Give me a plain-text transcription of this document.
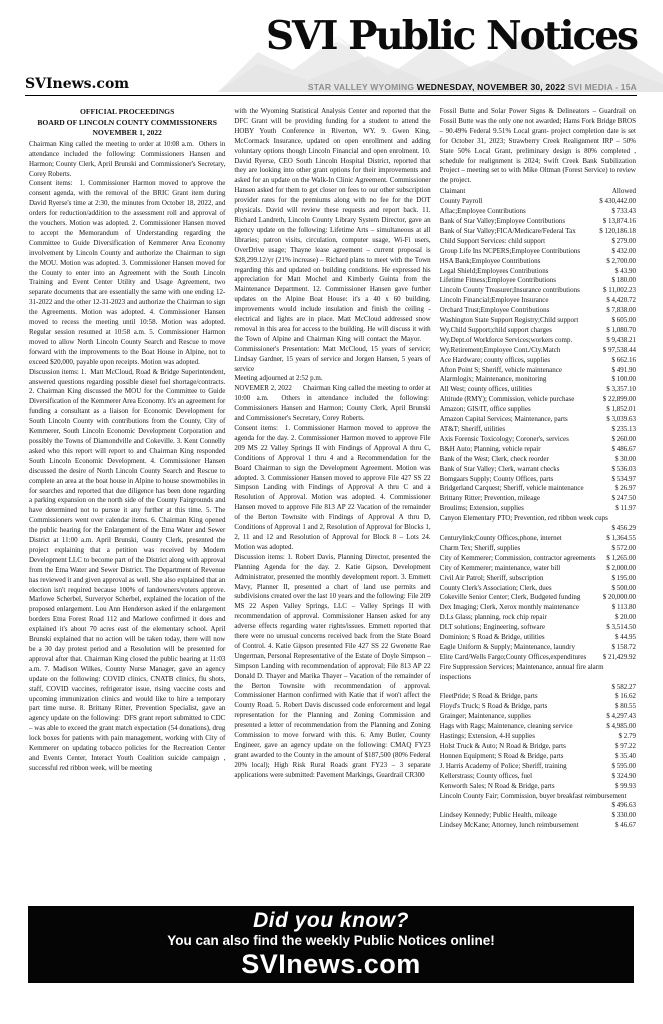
SVI Public Notices
SVInews.com	STAR VALLEY WYOMING WEDNESDAY, NOVEMBER 30, 2022 SVI MEDIA - 15A
OFFICIAL PROCEEDINGS
BOARD OF LINCOLN COUNTY COMMISSIONERS
NOVEMBER 1, 2022

Chairman King called the meeting to order at 10:08 a.m.  Others in attendance included the following: Commissioners Hansen and Harmon; County Clerk, April Brunski and Commissioner's Secretary, Corey Roberts.

Consent items:  1. Commissioner Harmon moved to approve the consent agenda, with the removal of the BRIC Grant item during David Ryerse's time at 2:30, the minutes from October 18, 2022, and orders for reduction/addition to the assessment roll and approval of the vouchers. Motion was adopted. 2. Commissioner Hansen moved to accept the Memorandum of Understanding regarding the Committee to Guide Diversification of Kemmerer Area Economy involvement by Lincoln County and authorize the Chairman to sign the MOU. Motion was adopted. 3. Commissioner Hansen moved for the County to enter into an Agreement with the South Lincoln Training and Event Center Utility and Usage Agreement, two separate documents that are essentially the same with one ending 12-31-2022 and the other 12-31-2023 and authorize the Chairman to sign the Agreements. Motion was adopted. 4. Commissioner Hansen moved to recess the meeting until 10:58. Motion was adopted. Regular session resumed at 10:58 a.m. 5. Commissioner Harmon moved to allow North Lincoln County Search and Rescue to move forward with the improvements to the Boat House in Alpine, not to exceed $20,000, payable upon receipts. Motion was adopted.

Discussion items: 1.  Matt McCloud, Road & Bridge Superintendent, answered questions regarding possible diesel fuel shortage/contracts. 2. Chairman King discussed the MOU for the Committee to Guide Diversification of the Kemmerer Area Economy. It's an agreement for funding a consultant as a liaison for Economic Development for South Lincoln County with contributions from the County, City of Kemmerer, South Lincoln Economic Development Corporation and possibly the Towns of Diamondville and Cokeville. 3. Kent Connelly asked who this report will report to and Chairman King responded South Lincoln Economic Development. 4. Commissioner Hansen discussed the desire of North Lincoln County Search and Rescue to complete an area at the boat house in Alpine to house snowmobiles in for searches and reported that due diligence has been done regarding a parking expansion on the north side of the County Fairgrounds and have determined not to pursue it any further at this time. 5. The Commissioners went over calendar items. 6. Chairman King opened the public hearing for the Enlargement of the Etna Water and Sewer District at 11:00 a.m. April Brunski, County Clerk, presented the project explaining that a petition was received by Modern Development LLC to become part of the District along with approval from the Etna Water and Sewer District. The Department of Revenue has reviewed it and given approval as well. She also explained that an election isn't required because 100% of landowners/voters approve. Marlowe Scherbel, Surveryor Scherbel, explained the location of the proposed enlargement. Lou Ann Henderson asked if the enlargement borders Etna Forest Road 112 and Marlowe confirmed it does and explained it's about 70 acres east of the elementary school. April Brunski explained that no action will be taken today, there will now be a 30 day protest period and a Resolution will be presented for approval after that. Chairman King closed the public hearing at 11:03 a.m. 7. Madison Wilkes, County Nurse Manager, gave an agency update on the following: COVID clinics, CNATB clinics, flu shots, staff, COVID vaccines, refrigerator issue, rising vaccine costs and upcoming immunization clinics and would like to hire a temporary part time nurse. 8. Brittany Ritter, Prevention Specialist, gave an agency update on the following:  DFS grant report submitted to CDC – was able to exceed the grant match expectation (54 donations), drug lock boxes for patients with pain management, working with City of Kemmerer on updating tobacco policies for the Recreation Center and Events Center, Interact Youth Coalition suicide campaign , successful red ribbon week, will be meeting

with the Wyoming Statistical Analysis Center and reported that the DFC Grant will be providing funding for a student to attend the HOBY Youth Conference in Riverton, WY. 9. Gwen King, McCormack Insurance, updated on open enrollment and adding voluntary options though Lincoln Financial and open enrolment. 10. David Ryerse, CEO South Lincoln Hospital District, reported that they are looking into other grant options for their improvements and asked for an update on the Walk-In Clinic Agreement. Commissioner Hansen asked for them to get closer on fees to our other subscription provider rates for the premiums along with no fee for the DOT physicals. David will review these requests and report back. 11. Richard Landreth, Lincoln County Library System Director, gave an agency update on the following: Lifetime Arts – simultaneous at all libraries; patron visits, circulation, computer usage, Wi-Fi users, OverDrive usage; Thayne lease agreement – current proposal is $28,299.12/yr (21% increase) – Richard plans to meet with the Town regarding this and updated on building conditions. He expressed his appreciation for Matt Mochel and Kimberly Guinta from the Maintenance Department. 12. Commissioner Hansen gave further updates on the Alpine Boat House: it's a 40 x 60 building, improvements would include insulation and finish the ceiling - electrical and lights are in place. Matt McCloud addressed snow removal in this area for access to the building. He will discuss it with the Town of Alpine and Chairman King will contact the Mayor.     Commissioner's Presentation: Matt McCloud, 15 years of service; Lindsay Gardner, 15 years of service and Jorgen Hansen, 5 years of service

Meeting adjourned at 2:52 p.m.

NOVEMER 2, 2022      Chairman King called the meeting to order at 10:00 a.m.  Others in attendance included the following:  Commissioners Hansen and Harmon; County Clerk, April Brunski and Commissioner's Secretary, Corey Roberts.

Consent items:  1. Commissioner Harmon moved to approve the agenda for the day. 2. Commissioner Harmon moved to approve File 209 MS 22 Valley Springs II with Findings of Approval A thru C, Conditions of Approval 1 thru 4 and a Recommendation for the Board Chairman to sign the Development Agreement. Motion was adopted. 3. Commissioner Hansen moved to approve File 427 SS 22 Simpson Landing with Findings of Approval A thru C and a Resolution of Approval. Motion was adopted. 4. Commissioner Hansen moved to approve File 813 AP 22 Vacation of the remainder of the Berton Townsite with Findings of Approval A thru D, Conditions of Approval 1 and 2, Resolution of Approval for Blocks 1, 2, 11 and 12 and Resolution of Approval for Block 8 – Lots 24. Motion was adopted.

Discussion items: 1. Robert Davis, Planning Director, presented the Planning Agenda for the day. 2. Katie Gipson, Development Administrator, presented the monthly development report. 3. Emmett Mavy, Planner II, presented a chart of land use permits and subdivisions created over the last 10 years and the following: File 209 MS 22 Aspen Valley Springs, LLC – Valley Springs II with recommendation of approval. Commissioner Hansen asked for any adverse effects regarding water rights/issues. Emmett reported that there were no unusual concerns received back from the State Board of Control. 4. Katie Gipson presented File 427 SS 22 Gwenette Rae Ungerman, Personal Representative of the Estate of Doyle Simpson – Simpson Landing with recommendation of approval; File 813 AP 22 Donald D. Thayer and Marika Thayer – Vacation of the remainder of the Berton Townsite with recommendation of approval. Commissioner Harmon confirmed with Katie that if won't affect the County Road. 5. Robert Davis discussed code enforcement and legal representation for the Planning and Zoning Commission and presented a letter of recommendation from the Planning and Zoning Commission to move forward with this. 6. Amy Butler, County Engineer, gave an agency update on the following: CMAQ FY23 grant awarded to the County in the amount of $187,500 (80% Federal 20% local); High Risk Rural Roads grant FY23 – 3 separate applications were submitted: Pavement Markings, Guardrail CR300

Fossil Butte and Solar Power Signs & Delineators – Guardrail on Fossil Butte was the only one not awarded; Hams Fork Bridge BROS – 90.49% Federal 9.51% Local grant- project completion date is set for October 31, 2023; Strawberry Creek Realignment IRP – 50% State 50% Local Grant, preliminary design is 80% completed , schedule for realignment is 2024; Swift Creek Bank Stabilization Project – meeting set to with Mike Oltman (Forest Service) to review the project.

Claimant	Allowed
County Payroll	$ 430,442.00
Aflac;Employee Contributions	$ 733.43
Bank of Star Valley;Employee Contributions	$ 13,874.16
Bank of Star Valley;FICA/Medicare/Federal Tax	$ 120,186.18
Child Support Services: child support	$ 279.00
Group Life Ins NCPERS;Employee Contributions	$ 432.00
HSA Bank;Employee Contributions	$ 2,700.00
Legal Shield;Employees Contributions	$ 43.90
Lifetime Fitness;Employee Contributions	$ 180.00
Lincoln County Treasurer;Insurance contributions	$ 11,002.23
Lincoln Financial;Employee Insurance	$ 4,420.72
Orchard Trust;Employee Contributions	$ 7,838.00
Washington State Support Registry;Child support	$ 605.00
Wy.Child Support;child support charges	$ 1,080.70
Wy.Dept.of Workforce Services;workers comp.	$ 9,438.21
Wy.Retirement;Employee Cont./Cty.Match	$ 97,538.44
Ace Hardware; county offices, supplies	$ 662.16
Afton Point S; Sheriff, vehicle maintenance	$ 491.90
Alarmlogix; Maintenance, monitoring	$ 100.00
All West; county offices, utilities	$ 3,357.10
Altitude (RMY); Commission, vehicle purchase	$ 22,899.00
Amazon; GIS/IT, office supplies	$ 1,852.01
Amazon Capital Services; Maintenance, parts	$ 3,039.63
AT&T; Sheriff, utilities	$ 235.13
Axis Forensic Toxicology; Coroner's, services	$ 260.00
B&H Auto; Planning, vehicle repair	$ 486.67
Bank of the West; Clerk, check reorder	$ 30.00
Bank of Star Valley; Clerk, warrant checks	$ 536.03
Bomgaars Supply; County Offices, parts	$ 534.97
Bridgerland Carquest; Sheriff, vehicle maintenance	$ 26.97
Brittany Ritter; Prevention, mileage	$ 247.50
Broulims; Extension, supplies	$ 11.97
Canyon Elementary PTO; Prevention, red ribbon week cups
$ 456.29
Centurylink;County Offices,phone, internet	$ 1,364.55
Charm Tex; Sheriff, supplies	$ 572.00
City of Kemmerer; Commission, contractor agreements	$ 1,265.00
City of Kemmerer; maintenance, water bill	$ 2,000.00
Civil Air Patrol; Sheriff, subscription	$ 195.00
County Clerk's Association; Clerk, dues	$ 500.00
Cokeville Senior Center; Clerk, Budgeted funding	$ 20,000.00
Dex Imaging; Clerk, Xerox monthly maintenance	$ 113.80
D.Ls Glass; planning, rock chip repair	$ 20.00
DLT solutions; Engineering, software	$ 3,514.50
Dominion; S Road & Bridge, utilities	$ 44.95
Eagle Uniform & Supply; Maintenance, laundry	$ 158.72
Elite Card/Wells Fargo;County Offices,expenditures	$ 21,429.92
Fire Suppression Services; Maintenance, annual fire alarm inspections
$ 582.27
FleetPride; S Road & Bridge, parts	$ 16.62
Floyd's Truck; S Road & Bridge, parts	$ 80.55
Grainger; Maintenance, supplies	$ 4,297.43
Hags with Rags; Maintenance, cleaning service	$ 4,985.00
Hastings; Extension, 4-H supplies	$ 2.79
Holst Truck & Auto; N Road & Bridge, parts	$ 97.22
Honnen Equipment; S Road & Bridge, parts	$ 35.40
J. Harris Academy of Police; Sheriff, training	$ 595.00
Kellerstrass; County offices, fuel	$ 324.90
Kenworth Sales; N Road & Bridge, parts	$ 99.93
Lincoln County Fair; Commission, buyer breakfast reimbursement
$ 496.63
Lindsey Kennedy; Public Health, mileage	$ 330.00
Lindsey McKane; Attorney, lunch reimbursement	$ 46.67
Did you know?
You can also find the weekly Public Notices online!
SVInews.com
